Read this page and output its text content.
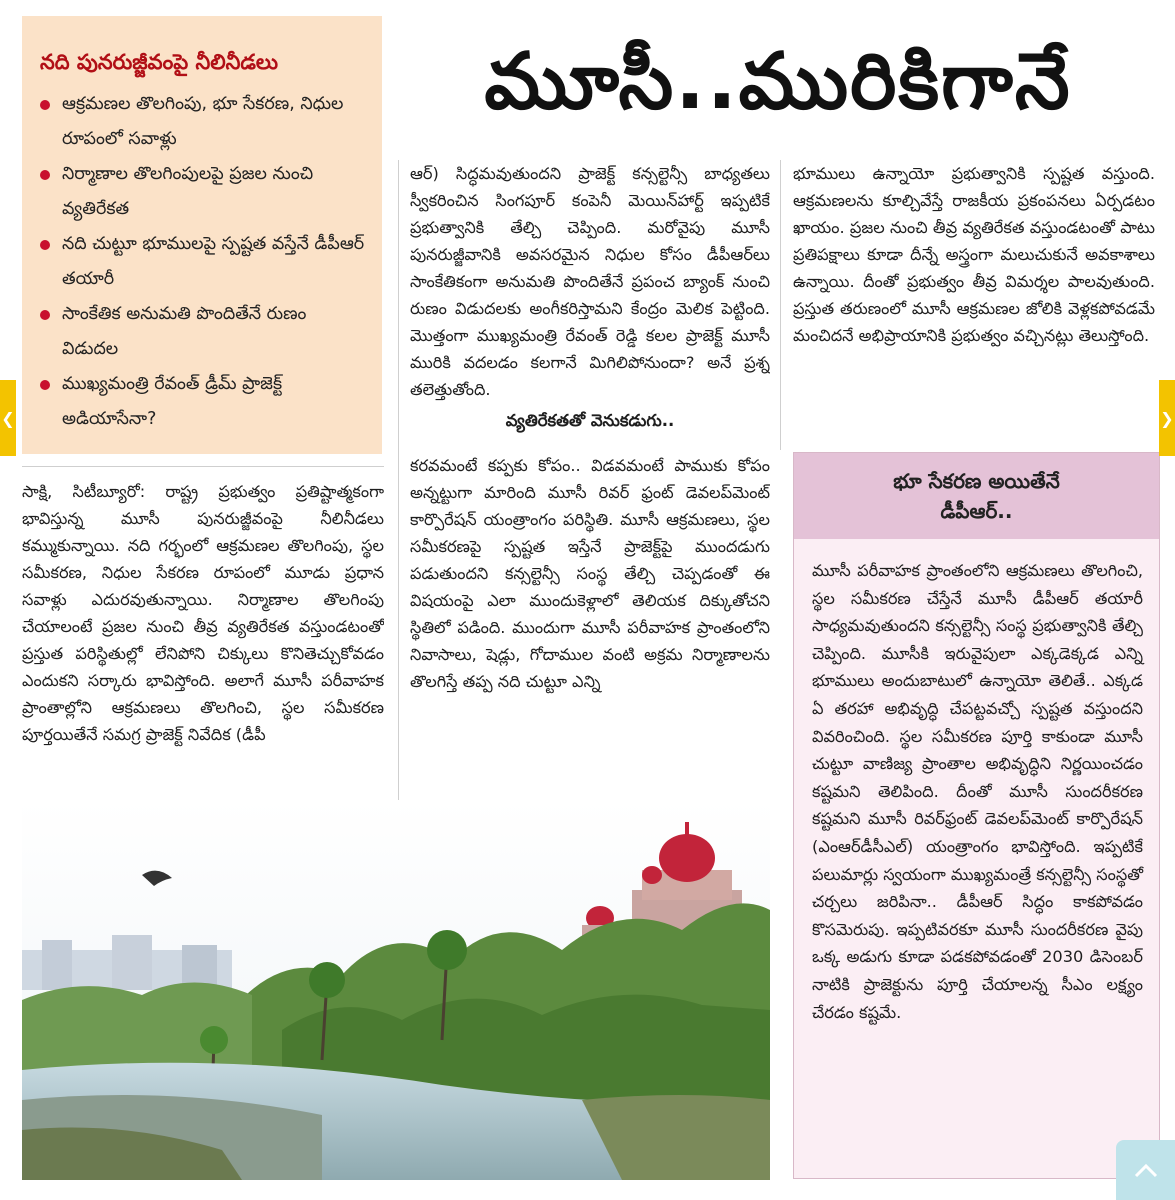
❮
నది పునరుజ్జీవంపై నీలినీడలు
ఆక్రమణల తొలగింపు, భూ సేకరణ, నిధుల రూపంలో సవాళ్లు
నిర్మాణాల తొలగింపులపై ప్రజల నుంచి వ్యతిరేకత
నది చుట్టూ భూములపై స్పష్టత వస్తేనే డీపీఆర్‌ తయారీ
సాంకేతిక అనుమతి పొందితేనే రుణం విడుదల
ముఖ్యమంత్రి రేవంత్‌ డ్రీమ్‌ ప్రాజెక్ట్‌ అడియాసేనా?
మూసీ..మురికిగానే

సాక్షి, సిటీబ్యూరో: రాష్ట్ర ప్రభుత్వం ప్రతిష్టాత్మకంగా భావిస్తున్న మూసీ పునరుజ్జీవంపై నీలినీడలు కమ్ముకున్నాయి. నది గర్భంలో ఆక్రమణల తొలగింపు, స్థల సమీకరణ, నిధుల సేకరణ రూపంలో మూడు ప్రధాన సవాళ్లు ఎదురవుతున్నాయి. నిర్మాణాల తొలగింపు చేయాలంటే ప్రజల నుంచి తీవ్ర వ్యతిరేకత వస్తుండటంతో ప్రస్తుత పరిస్థితుల్లో లేనిపోని చిక్కులు కొనితెచ్చుకోవడం ఎందుకని సర్కారు భావిస్తోంది. అలాగే మూసీ పరీవాహక ప్రాంతాల్లోని ఆక్రమణలు తొలగించి, స్థల సమీకరణ పూర్తయితేనే సమగ్ర ప్రాజెక్ట్‌ నివేదిక (డీపీ

ఆర్‌) సిద్ధమవుతుందని ప్రాజెక్ట్‌ కన్సల్టెన్సీ బాధ్యతలు స్వీకరించిన సింగపూర్‌ కంపెనీ మెయిన్‌హార్ట్‌ ఇప్పటికే ప్రభుత్వానికి తేల్చి చెప్పింది. మరోవైపు మూసీ పునరుజ్జీవానికి అవసరమైన నిధుల కోసం డీపీఆర్‌లు సాంకేతికంగా అనుమతి పొందితేనే ప్రపంచ బ్యాంక్‌ నుంచి రుణం విడుదలకు అంగీకరిస్తామని కేంద్రం మెలిక పెట్టింది. మొత్తంగా ముఖ్యమంత్రి రేవంత్‌ రెడ్డి కలల ప్రాజెక్ట్‌ మూసీ మురికి వదలడం కలగానే మిగిలిపోనుందా? అనే ప్రశ్న తలెత్తుతోంది.

వ్యతిరేకతతో వెనుకడుగు..

కరవమంటే కప్పకు కోపం.. విడవమంటే పాముకు కోపం అన్నట్టుగా మారింది మూసీ రివర్‌ ఫ్రంట్‌ డెవలప్‌మెంట్‌ కార్పొరేషన్‌ యంత్రాంగం పరిస్థితి. మూసీ ఆక్రమణలు, స్థల సమీకరణపై స్పష్టత ఇస్తేనే ప్రాజెక్ట్‌పై ముందడుగు పడుతుందని కన్సల్టెన్సీ సంస్థ తేల్చి చెప్పడంతో ఈ విషయంపై ఎలా ముందుకెళ్లాలో తెలియక దిక్కుతోచని స్థితిలో పడింది. ముందుగా మూసీ పరీవాహక ప్రాంతంలోని నివాసాలు, షెడ్లు, గోదాముల వంటి అక్రమ నిర్మాణాలను తొలగిస్తే తప్ప నది చుట్టూ ఎన్ని

భూములు ఉన్నాయో ప్రభుత్వానికి స్పష్టత వస్తుంది. ఆక్రమణలను కూల్చివేస్తే రాజకీయ ప్రకంపనలు ఏర్పడటం ఖాయం. ప్రజల నుంచి తీవ్ర వ్యతిరేకత వస్తుండటంతో పాటు ప్రతిపక్షాలు కూడా దీన్నే అస్త్రంగా మలుచుకునే అవకాశాలు ఉన్నాయి. దీంతో ప్రభుత్వం తీవ్ర విమర్శల పాలవుతుంది. ప్రస్తుత తరుణంలో మూసీ ఆక్రమణల జోలికి వెళ్లకపోవడమే మంచిదనే అభిప్రాయానికి ప్రభుత్వం వచ్చినట్లు తెలుస్తోంది.

భూ సేకరణ అయితేనే
డీపీఆర్‌..

మూసీ పరీవాహక ప్రాంతంలోని ఆక్రమణలు తొలగించి, స్థల సమీకరణ చేస్తేనే మూసీ డీపీఆర్‌ తయారీ సాధ్యమవుతుందని కన్సల్టెన్సీ సంస్థ ప్రభుత్వానికి తేల్చి చెప్పింది. మూసీకి ఇరువైపులా ఎక్కడెక్కడ ఎన్ని భూములు అందుబాటులో ఉన్నాయో తెలితే.. ఎక్కడ ఏ తరహా అభివృద్ధి చేపట్టవచ్చో స్పష్టత వస్తుందని వివరించింది. స్థల సమీకరణ పూర్తి కాకుండా మూసీ చుట్టూ వాణిజ్య ప్రాంతాల అభివృద్ధిని నిర్ణయించడం కష్టమని తెలిపింది. దీంతో మూసీ సుందరీకరణ కష్టమని మూసీ రివర్‌ఫ్రంట్‌ డెవలప్‌మెంట్‌ కార్పొరేషన్‌ (ఎంఆర్‌డీసీఎల్‌) యంత్రాంగం భావిస్తోంది. ఇప్పటికే పలుమార్లు స్వయంగా ముఖ్యమంత్రే కన్సల్టెన్సీ సంస్థతో చర్చలు జరిపినా.. డీపీఆర్‌ సిద్ధం కాకపోవడం కొసమెరుపు. ఇప్పటివరకూ మూసీ సుందరీకరణ వైపు ఒక్క అడుగు కూడా పడకపోవడంతో 2030 డిసెంబర్‌ నాటికి ప్రాజెక్టును పూర్తి చేయాలన్న సీఎం లక్ష్యం చేరడం కష్టమే.

❯
